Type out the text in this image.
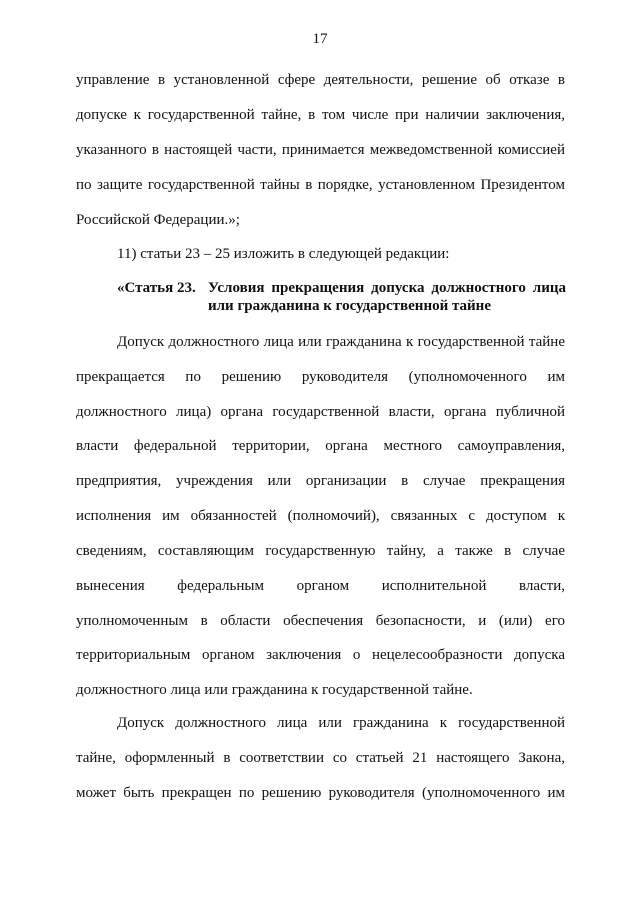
17
управление в установленной сфере деятельности, решение об отказе в
допуске к государственной тайне, в том числе при наличии заключения,
указанного в настоящей части, принимается межведомственной комиссией
по защите государственной тайны в порядке, установленном Президентом
Российской Федерации.»;
11) статьи 23 – 25 изложить в следующей редакции:
«Статья 23. Условия прекращения допуска должностного лица
или гражданина к государственной тайне
Допуск должностного лица или гражданина к государственной тайне
прекращается по решению руководителя (уполномоченного им
должностного лица) органа государственной власти, органа публичной
власти федеральной территории, органа местного самоуправления,
предприятия, учреждения или организации в случае прекращения
исполнения им обязанностей (полномочий), связанных с доступом к
сведениям, составляющим государственную тайну, а также в случае
вынесения федеральным органом исполнительной власти,
уполномоченным в области обеспечения безопасности, и (или) его
территориальным органом заключения о нецелесообразности допуска
должностного лица или гражданина к государственной тайне.
Допуск должностного лица или гражданина к государственной
тайне, оформленный в соответствии со статьей 21 настоящего Закона,
может быть прекращен по решению руководителя (уполномоченного им
